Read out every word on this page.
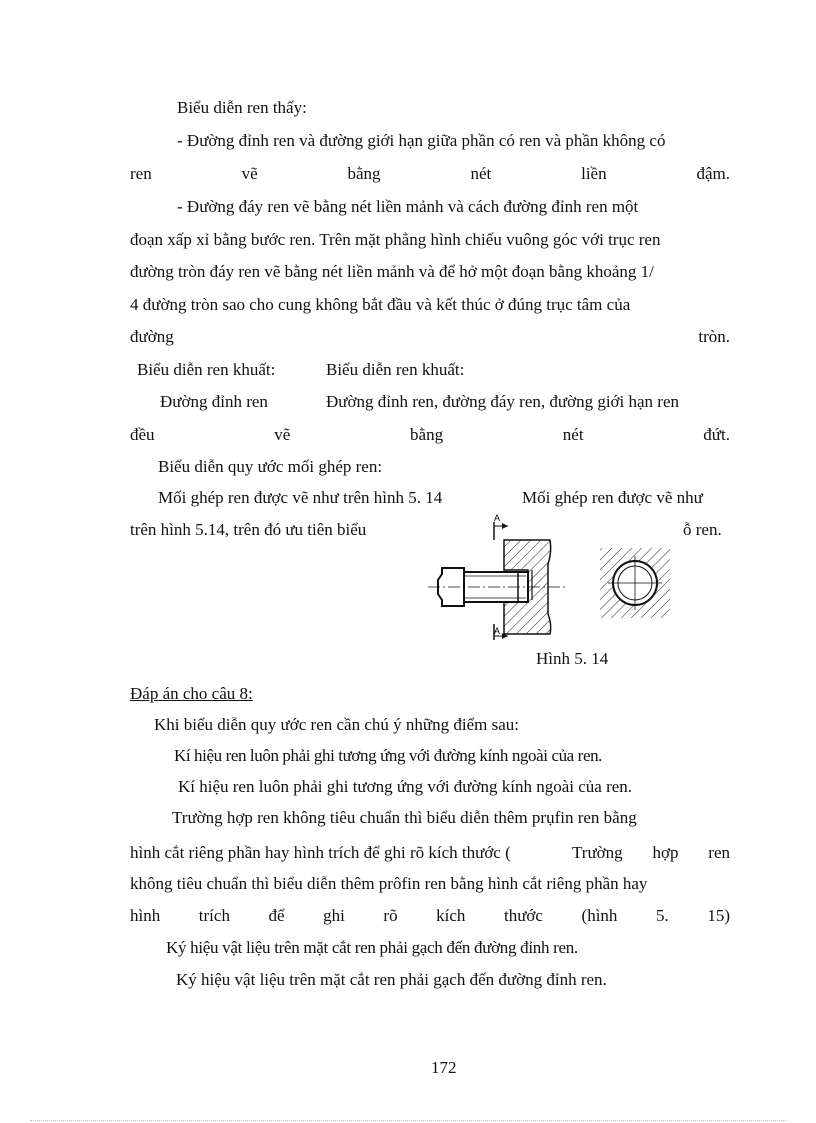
Biểu diễn ren thấy:
- Đường đỉnh ren và đường giới hạn giữa phần có ren và phần không có
ren	vẽ	bằng	nét	liền	đậm.
- Đường đáy ren vẽ bằng nét liền mảnh và cách đường đỉnh ren một
đoạn xấp xỉ bằng bước ren. Trên mặt phẳng hình chiếu vuông góc với trục ren
đường tròn đáy ren vẽ bằng nét liền mảnh và để hở một đoạn bằng khoảng 1/
4 đường tròn sao cho cung không bắt đầu và kết thúc ở đúng trục tâm của
đường	tròn.
Biểu diễn ren khuất:	Biểu diễn ren khuất:
Đường đỉnh ren	Đường đỉnh ren, đường đáy ren, đường giới hạn ren
đều	vẽ	bằng	nét	đứt.
Biểu diễn quy ước mối ghép ren:
Mối ghép ren được vẽ như trên hình 5. 14	Mối ghép ren được vẽ như
trên hình 5.14, trên đó ưu tiên biểu	ỗ ren.
A
A
Hình 5. 14
Đáp án cho câu 8:
Khi biểu diễn quy ước ren cần chú ý những điểm sau:
Kí hiệu ren luôn phải ghi tương ứng với đường kính ngoài của ren.
Kí hiệu ren luôn phải ghi tương ứng với đường kính ngoài của ren.
Trường hợp ren không tiêu chuẩn thì biểu diễn thêm prụfin ren bằng
hình cắt riêng phần hay hình trích để ghi rõ kích thước (	Trường hợp ren
không tiêu chuẩn thì biểu diễn thêm prôfin ren bằng hình cắt riêng phần hay
hình trích để ghi rõ kích thước (hình 5. 15)
Ký hiệu vật liệu trên mặt cắt ren phải gạch đến đường đỉnh ren.
Ký hiệu vật liệu trên mặt cắt ren phải gạch đến đường đỉnh ren.
172
